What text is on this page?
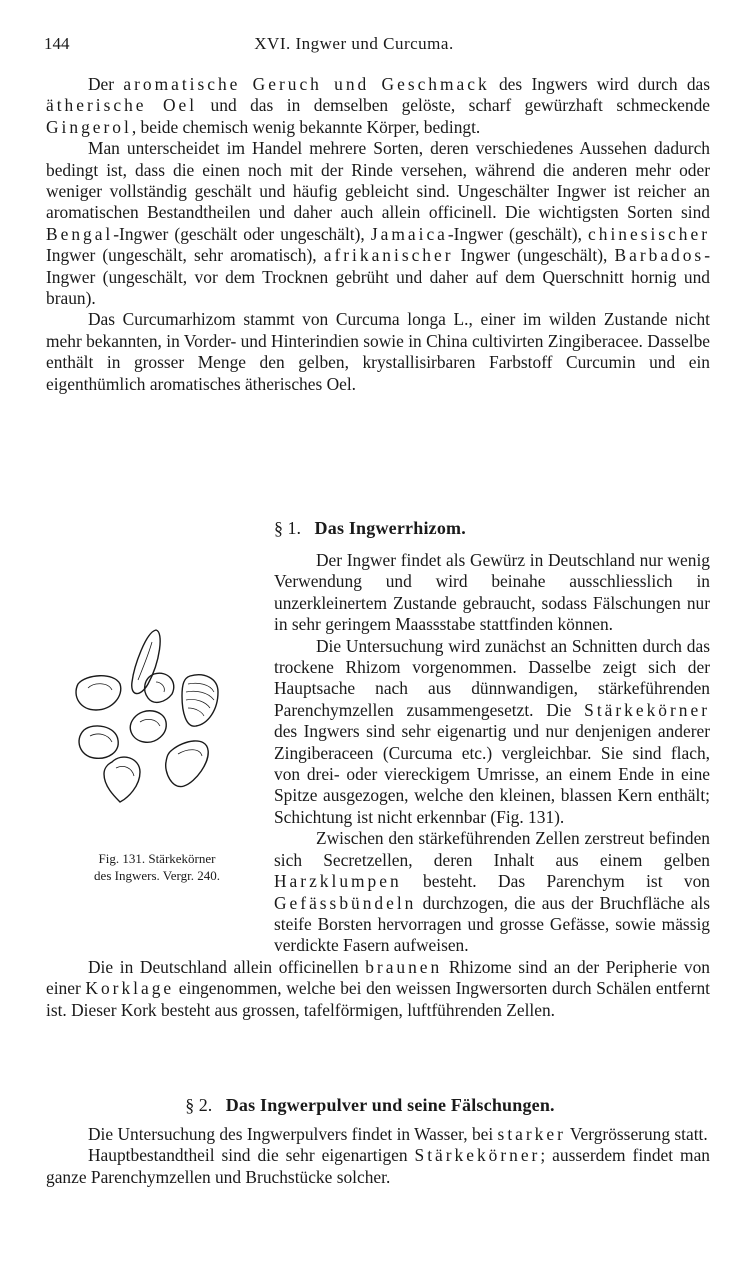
144	XVI. Ingwer und Curcuma.

Der aromatische Geruch und Geschmack des Ingwers wird durch das ätherische Oel und das in demselben gelöste, scharf gewürzhaft schmeckende Gingerol, beide chemisch wenig bekannte Körper, bedingt.

Man unterscheidet im Handel mehrere Sorten, deren verschiedenes Aussehen dadurch bedingt ist, dass die einen noch mit der Rinde versehen, während die anderen mehr oder weniger vollständig geschält und häufig gebleicht sind. Ungeschälter Ingwer ist reicher an aromatischen Bestandtheilen und daher auch allein officinell. Die wichtigsten Sorten sind Bengal-Ingwer (geschält oder ungeschält), Jamaica-Ingwer (geschält), chinesischer Ingwer (ungeschält, sehr aromatisch), afrikanischer Ingwer (ungeschält), Barbados-Ingwer (ungeschält, vor dem Trocknen gebrüht und daher auf dem Querschnitt hornig und braun).

Das Curcumarhizom stammt von Curcuma longa L., einer im wilden Zustande nicht mehr bekannten, in Vorder- und Hinterindien sowie in China cultivirten Zingiberacee. Dasselbe enthält in grosser Menge den gelben, krystallisirbaren Farbstoff Curcumin und ein eigenthümlich aromatisches ätherisches Oel.

§ 1. Das Ingwerrhizom.
Fig. 131. Stärkekörner
des Ingwers. Vergr. 240.

Der Ingwer findet als Gewürz in Deutschland nur wenig Verwendung und wird beinahe ausschliesslich in unzerkleinertem Zustande gebraucht, sodass Fälschungen nur in sehr geringem Maassstabe stattfinden können.

Die Untersuchung wird zunächst an Schnitten durch das trockene Rhizom vorgenommen. Dasselbe zeigt sich der Hauptsache nach aus dünnwandigen, stärkeführenden Parenchymzellen zusammengesetzt. Die Stärkekörner des Ingwers sind sehr eigenartig und nur denjenigen anderer Zingiberaceen (Curcuma etc.) vergleichbar. Sie sind flach, von drei- oder viereckigem Umrisse, an einem Ende in eine Spitze ausgezogen, welche den kleinen, blassen Kern enthält; Schichtung ist nicht erkennbar (Fig. 131).

Zwischen den stärkeführenden Zellen zerstreut befinden sich Secretzellen, deren Inhalt aus einem gelben Harzklumpen besteht. Das Parenchym ist von Gefässbündeln durchzogen, die aus der Bruchfläche als steife Borsten hervorragen und grosse Gefässe, sowie mässig verdickte Fasern aufweisen.

Die in Deutschland allein officinellen braunen Rhizome sind an der Peripherie von einer Korklage eingenommen, welche bei den weissen Ingwersorten durch Schälen entfernt ist. Dieser Kork besteht aus grossen, tafelförmigen, luftführenden Zellen.

§ 2. Das Ingwerpulver und seine Fälschungen.

Die Untersuchung des Ingwerpulvers findet in Wasser, bei starker Vergrösserung statt.

Hauptbestandtheil sind die sehr eigenartigen Stärkekörner; ausserdem findet man ganze Parenchymzellen und Bruchstücke solcher.
